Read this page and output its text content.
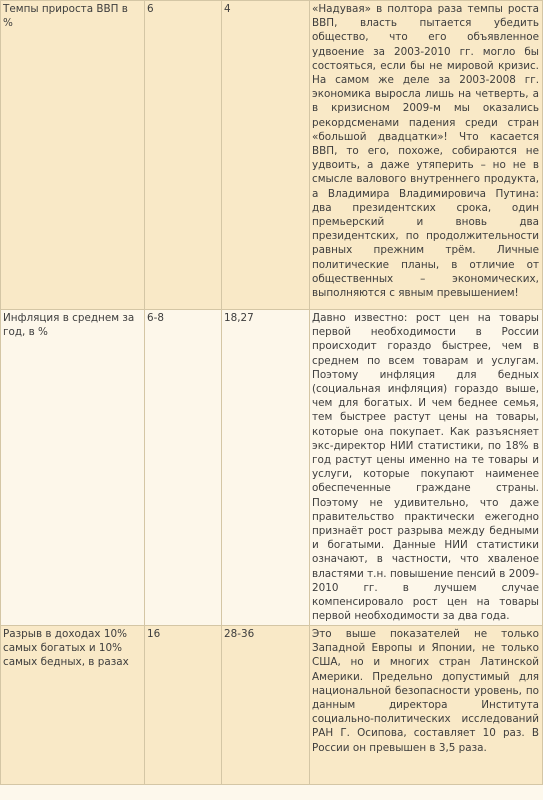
Темпы прироста ВВП в %	6	4	«Надувая» в полтора раза темпы роста ВВП, власть пытается убедить общество, что его объявленное удвоение за 2003-2010 гг. могло бы состояться, если бы не мировой кризис. На самом же деле за 2003-2008 гг. экономика выросла лишь на четверть, а в кризисном 2009-м мы оказались рекордсменами падения среди стран «большой двадцатки»! Что касается ВВП, то его, похоже, собираются не удвоить, а даже утяперить – но не в смысле валового внутреннего продукта, а Владимира Владимировича Путина: два президентских срока, один премьерский и вновь два президентских, по продолжительности равных прежним трём. Личные политические планы, в отличие от общественных – экономических, выполняются с явным превышением!
Инфляция в среднем за год, в %	6-8	18,27	Давно известно: рост цен на товары первой необходимости в России происходит гораздо быстрее, чем в среднем по всем товарам и услугам. Поэтому инфляция для бедных (социальная инфляция) гораздо выше, чем для богатых. И чем беднее семья, тем быстрее растут цены на товары, которые она покупает. Как разъясняет экс-директор НИИ статистики, по 18% в год растут цены именно на те товары и услуги, которые покупают наименее обеспеченные граждане страны. Поэтому не удивительно, что даже правительство практически ежегодно признаёт рост разрыва между бедными и богатыми. Данные НИИ статистики означают, в частности, что хваленое властями т.н. повышение пенсий в 2009-2010 гг. в лучшем случае компенсировало рост цен на товары первой необходимости за два года.
Разрыв в доходах 10% самых богатых и 10% самых бедных, в разах	16	28-36	Это выше показателей не только Западной Европы и Японии, не только США, но и многих стран Латинской Америки. Предельно допустимый для национальной безопасности уровень, по данным директора Института социально-политических исследований РАН Г. Осипова, составляет 10 раз. В России он превышен в 3,5 раза.
